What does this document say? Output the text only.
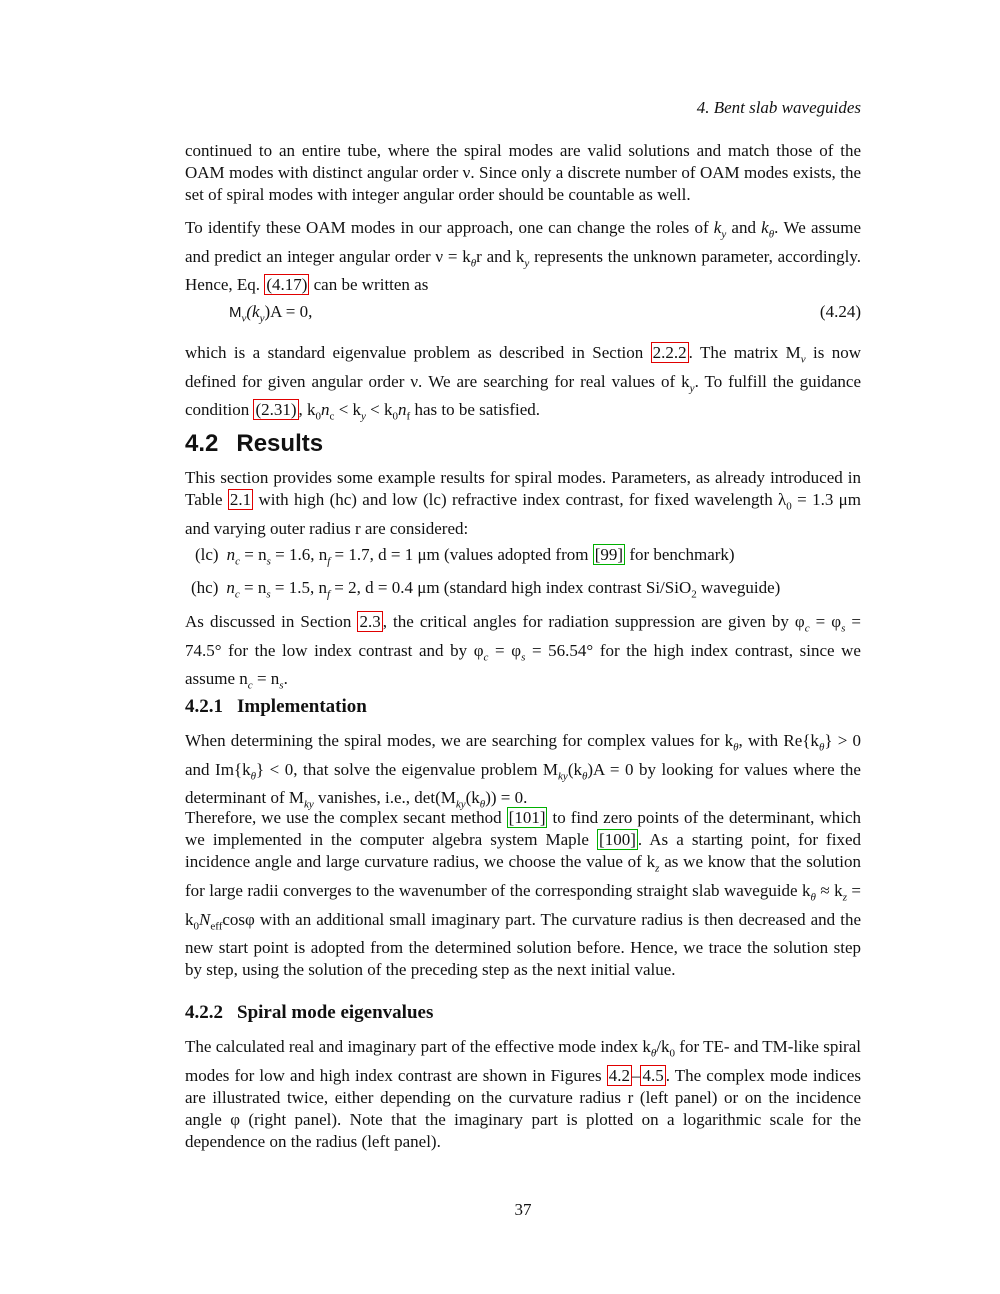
4. Bent slab waveguides

continued to an entire tube, where the spiral modes are valid solutions and match those of the OAM modes with distinct angular order ν. Since only a discrete number of OAM modes exists, the set of spiral modes with integer angular order should be countable as well.

To identify these OAM modes in our approach, one can change the roles of $k_y$ and $k_\theta$. We assume and predict an integer angular order $\nu = k_\theta r$ and $k_y$ represents the unknown parameter, accordingly. Hence, Eq. (4.17) can be written as

$M_\nu(k_y)A = 0$,	(4.24)

which is a standard eigenvalue problem as described in Section 2.2.2 . The matrix $M_\nu$ is now defined for given angular order ν. We are searching for real values of $k_y$. To fulfill the guidance condition (2.31) , $k_0n_c < k_y < k_0n_f$ has to be satisfied.

4.2 Results

This section provides some example results for spiral modes. Parameters, as already introduced in Table 2.1 with high (hc) and low (lc) refractive index contrast, for fixed wavelength $\lambda_0 = 1.3$ μm and varying outer radius r are considered:

(lc) $n_c = n_s = 1.6$, $n_f = 1.7$, d = 1 μm (values adopted from [99] for benchmark)
(hc) $n_c = n_s = 1.5$, $n_f = 2$, d = 0.4 μm (standard high index contrast Si/SiO$_2$ waveguide)

As discussed in Section 2.3 , the critical angles for radiation suppression are given by $\varphi_c = \varphi_s = 74.5^\circ$ for the low index contrast and by $\varphi_c = \varphi_s = 56.54^\circ$ for the high index contrast, since we assume $n_c = n_s$.

4.2.1 Implementation

When determining the spiral modes, we are searching for complex values for $k_\theta$, with $Re\{k_\theta\} > 0$ and $Im\{k_\theta\} < 0$, that solve the eigenvalue problem $M_{ky}(k_\theta)A = 0$ by looking for values where the determinant of $M_{ky}$ vanishes, i.e., $\det(M_{ky}(k_\theta)) = 0$.

Therefore, we use the complex secant method [101] to find zero points of the determinant, which we implemented in the computer algebra system Maple [100] . As a starting point, for fixed incidence angle and large curvature radius, we choose the value of $k_z$ as we know that the solution for large radii converges to the wavenumber of the corresponding straight slab waveguide $k_\theta \approx k_z = k_0N_{eff}\cos\varphi$ with an additional small imaginary part. The curvature radius is then decreased and the new start point is adopted from the determined solution before. Hence, we trace the solution step by step, using the solution of the preceding step as the next initial value.

4.2.2 Spiral mode eigenvalues

The calculated real and imaginary part of the effective mode index $k_\theta/k_0$ for TE- and TM-like spiral modes for low and high index contrast are shown in Figures 4.2 – 4.5 . The complex mode indices are illustrated twice, either depending on the curvature radius r (left panel) or on the incidence angle φ (right panel). Note that the imaginary part is plotted on a logarithmic scale for the dependence on the radius (left panel).

37
